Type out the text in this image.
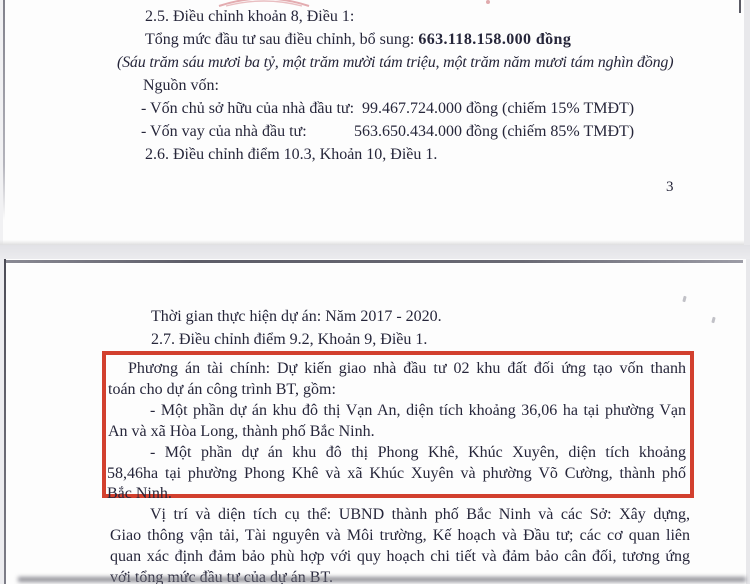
2.5. Điều chỉnh khoản 8, Điều 1:
Tổng mức đầu tư sau điều chỉnh, bổ sung: 663.118.158.000 đồng
(Sáu trăm sáu mươi ba tỷ, một trăm mười tám triệu, một trăm năm mươi tám nghìn đồng)
Nguồn vốn:
- Vốn chủ sở hữu của nhà đầu tư: 99.467.724.000 đồng (chiếm 15% TMĐT)
- Vốn vay của nhà đầu tư:	563.650.434.000 đồng (chiếm 85% TMĐT)
2.6. Điều chỉnh điểm 10.3, Khoản 10, Điều 1.
3
Thời gian thực hiện dự án: Năm 2017 - 2020.
2.7. Điều chỉnh điểm 9.2, Khoản 9, Điều 1.
Phương án tài chính: Dự kiến giao nhà đầu tư 02 khu đất đối ứng tạo vốn thanh
toán cho dự án công trình BT, gồm:
- Một phần dự án khu đô thị Vạn An, diện tích khoảng 36,06 ha tại phường Vạn
An và xã Hòa Long, thành phố Bắc Ninh.
- Một phần dự án khu đô thị Phong Khê, Khúc Xuyên, diện tích khoảng
58,46ha tại phường Phong Khê và xã Khúc Xuyên và phường Võ Cường, thành phố
Bắc Ninh.
Vị trí và diện tích cụ thể: UBND thành phố Bắc Ninh và các Sở: Xây dựng,
Giao thông vận tải, Tài nguyên và Môi trường, Kế hoạch và Đầu tư; các cơ quan liên
quan xác định đảm bảo phù hợp với quy hoạch chi tiết và đảm bảo cân đối, tương ứng
